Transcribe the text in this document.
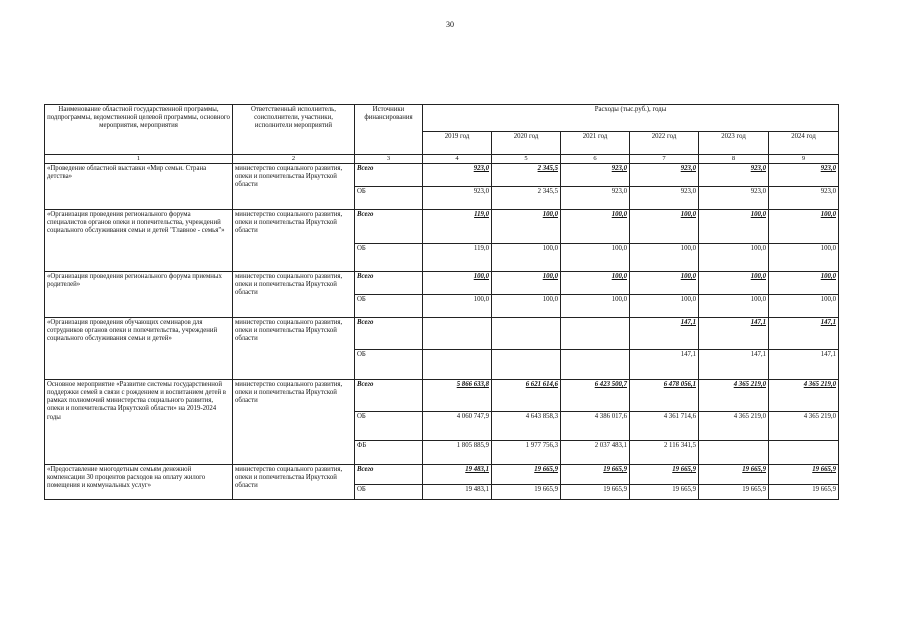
30
Наименование областной государственной программы, подпрограммы, ведомственной целевой программы, основного мероприятия, мероприятия	Ответственный исполнитель, соисполнители, участники, исполнители мероприятий	Источники финансирования	Расходы (тыс.руб.), годы					
			2019 год	2020 год	2021 год	2022 год	2023 год	2024 год
1	2	3	4	5	6	7	8	9
«Проведение областной выставки «Мир семьи. Страна детства»	министерство социального развития, опеки и попечительства Иркутской области	Всего	923,0	2 345,5	923,0	923,0	923,0	923,0
		ОБ	923,0	2 345,5	923,0	923,0	923,0	923,0
«Организация проведения регионального форума специалистов органов опеки и попечительства, учреждений социального обслуживания семьи и детей "Главное - семья"»	министерство социального развития, опеки и попечительства Иркутской области	Всего	119,0	100,0	100,0	100,0	100,0	100,0
		ОБ	119,0	100,0	100,0	100,0	100,0	100,0
«Организация проведения регионального форума приемных родителей»	министерство социального развития, опеки и попечительства Иркутской области	Всего	100,0	100,0	100,0	100,0	100,0	100,0
		ОБ	100,0	100,0	100,0	100,0	100,0	100,0
«Организация проведения обучающих семинаров для сотрудников органов опеки и попечительства, учреждений социального обслуживания семьи и детей»	министерство социального развития, опеки и попечительства Иркутской области	Всего				147,1	147,1	147,1
		ОБ				147,1	147,1	147,1
Основное мероприятие «Развитие системы государственной поддержки семей в связи с рождением и воспитанием детей в рамках полномочий министерства социального развития, опеки и попечительства Иркутской области» на 2019-2024 годы	министерство социального развития, опеки и попечительства Иркутской области	Всего	5 866 633,8	6 621 614,6	6 423 500,7	6 478 056,1	4 365 219,0	4 365 219,0
		ОБ	4 060 747,9	4 643 858,3	4 386 017,6	4 361 714,6	4 365 219,0	4 365 219,0
		ФБ	1 805 885,9	1 977 756,3	2 037 483,1	2 116 341,5		
«Предоставление многодетным семьям денежной компенсации 30 процентов расходов на оплату жилого помещения и коммунальных услуг»	министерство социального развития, опеки и попечительства Иркутской области	Всего	19 483,1	19 665,9	19 665,9	19 665,9	19 665,9	19 665,9
		ОБ	19 483,1	19 665,9	19 665,9	19 665,9	19 665,9	19 665,9
